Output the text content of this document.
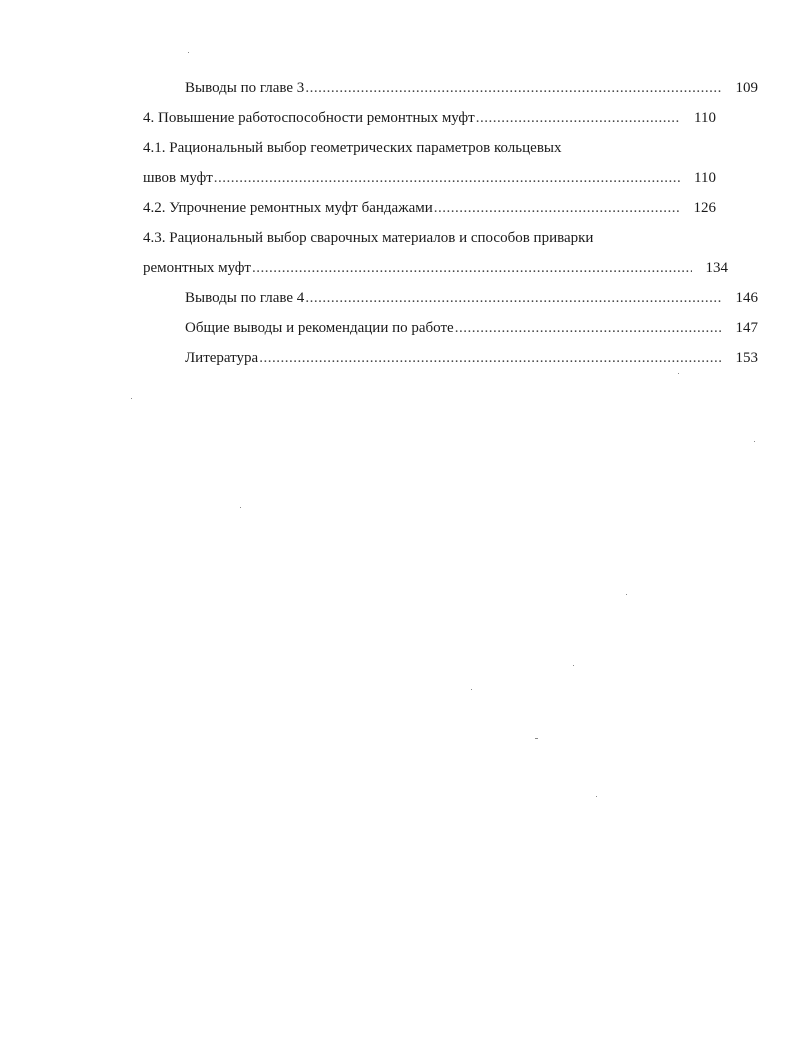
Выводы по главе 3 .....	109
4. Повышение работоспособности ремонтных муфт .....	110
4.1. Рациональный выбор геометрических параметров кольцевых
швов муфт .....	110
4.2. Упрочнение ремонтных муфт бандажами .....	126
4.3. Рациональный выбор сварочных материалов и способов приварки
ремонтных муфт .....	134
Выводы по главе 4 .....	146
Общие выводы и рекомендации по работе .....	147
Литература .....	153
